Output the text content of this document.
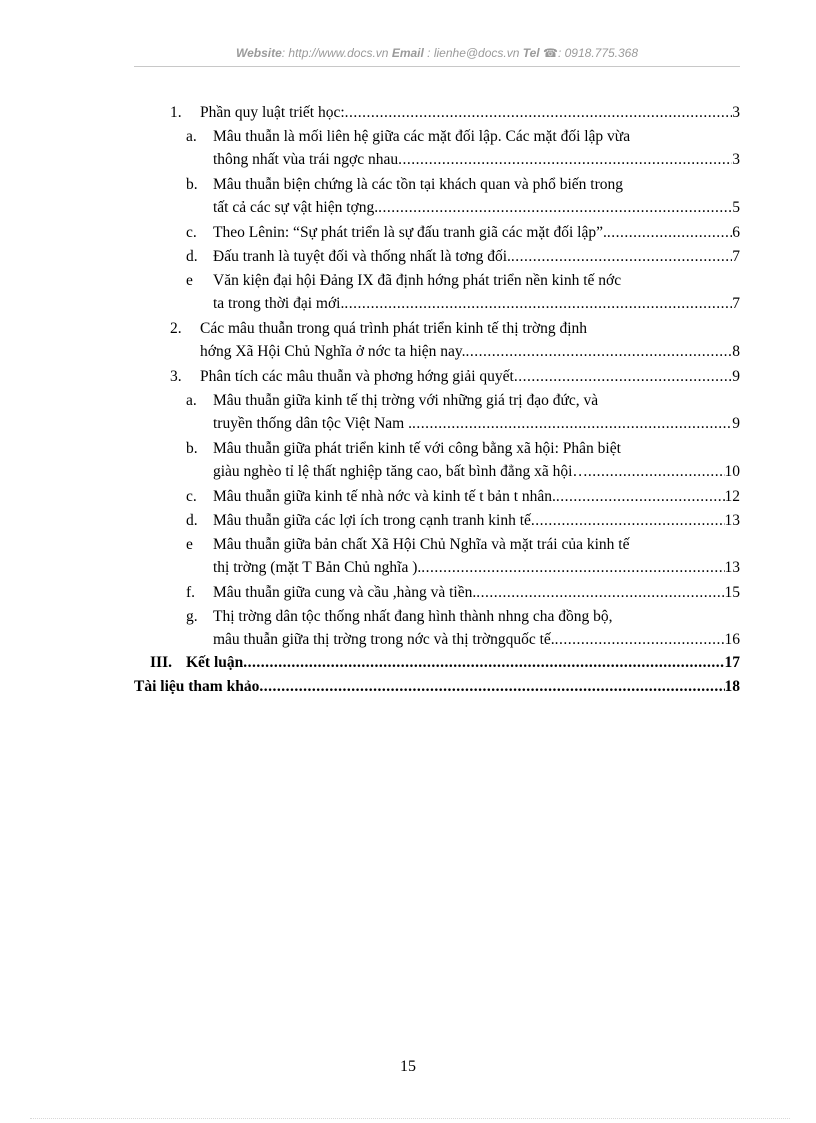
Website: http://www.docs.vn Email : lienhe@docs.vn Tel ☎: 0918.775.368
1. Phần quy luật triết học: .....	3
a. Mâu thuẫn là mối liên hệ giữa các mặt đối lập. Các mặt đối lập vừa
thông nhất vùa trái ngợc nhau .....	3
b. Mâu thuẫn biện chứng là các tồn tại khách quan và phổ biến trong
tất cả các sự vật hiện tợng. .....	5
c. Theo Lênin: “Sự phát triển là sự đấu tranh giã các mặt đối lập”. .....	6
d. Đấu tranh là tuyệt đối và thống nhất là tơng đối. .....	7
e Văn kiện đại hội Đảng IX đã định hớng phát triển nền kinh tế nớc
ta trong thời đại mới. .....	7
2. Các mâu thuẫn trong quá trình phát triển kinh tế thị trờng định
hớng Xã Hội Chủ Nghĩa ở nớc ta hiện nay. .....	8
3. Phân tích các mâu thuẫn và phơng hớng giải quyết .....	9
a. Mâu thuẫn giữa kinh tế thị trờng với những giá trị đạo đức, và
truyền thống dân tộc Việt Nam . .....	9
b. Mâu thuẫn giữa phát triển kinh tế với công bằng xã hội: Phân biệt
giàu nghèo tỉ lệ thất nghiệp tăng cao, bất bình đẳng xã hội… .....	10
c. Mâu thuẫn giữa kinh tế nhà nớc và kinh tế t bản t nhân. .....	12
d. Mâu thuẫn giữa các lợi ích trong cạnh tranh kinh tế .....	13
e Mâu thuẫn giữa bản chất Xã Hội Chủ Nghĩa và mặt trái của kinh tế
thị trờng (mặt T Bản Chủ nghĩa ). .....	13
f. Mâu thuẫn giữa cung và cầu ,hàng và tiền. .....	15
g. Thị trờng dân tộc thống nhất đang hình thành nhng cha đồng bộ,
mâu thuẫn giữa thị trờng trong nớc và thị trờngquốc tế. .....	16
III. Kết luận .....	17
Tài liệu tham khảo .....	18
15
